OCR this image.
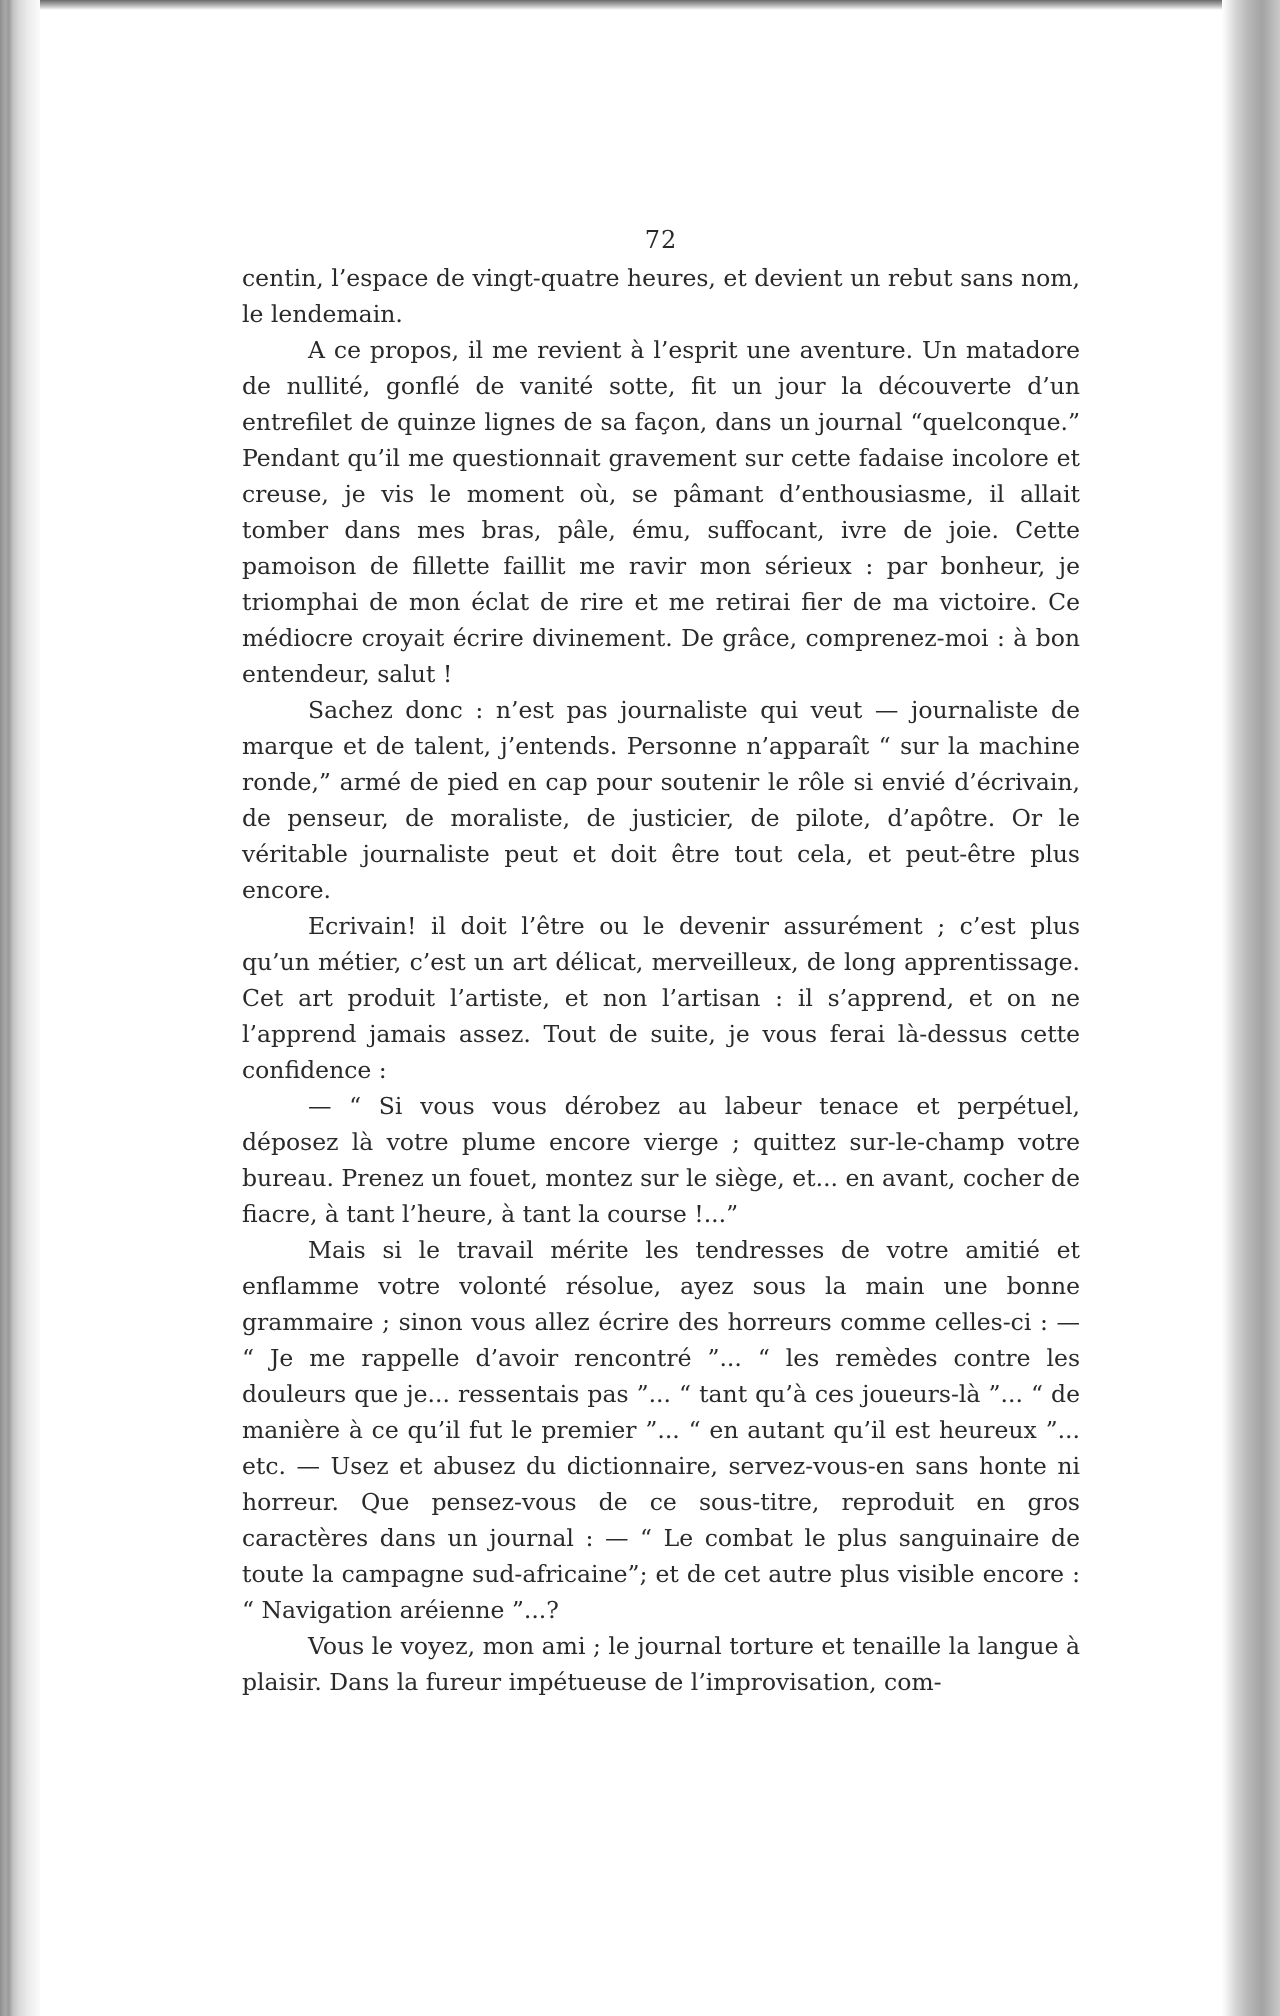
72

centin, l’espace de vingt-quatre heures, et devient un rebut sans nom, le lendemain.

A ce propos, il me revient à l’esprit une aventure. Un matadore de nullité, gonflé de vanité sotte, fit un jour la découverte d’un entrefilet de quinze lignes de sa façon, dans un journal “quelconque.” Pendant qu’il me questionnait gravement sur cette fadaise incolore et creuse, je vis le moment où, se pâmant d’enthousiasme, il allait tomber dans mes bras, pâle, ému, suffocant, ivre de joie. Cette pamoison de fillette faillit me ravir mon sérieux : par bonheur, je triomphai de mon éclat de rire et me retirai fier de ma victoire. Ce médiocre croyait écrire divinement. De grâce, comprenez-moi : à bon entendeur, salut !

Sachez donc : n’est pas journaliste qui veut — journaliste de marque et de talent, j’entends. Personne n’apparaît “ sur la machine ronde,” armé de pied en cap pour soutenir le rôle si envié d’écrivain, de penseur, de moraliste, de justicier, de pilote, d’apôtre. Or le véritable journaliste peut et doit être tout cela, et peut-être plus encore.

Ecrivain! il doit l’être ou le devenir assurément ; c’est plus qu’un métier, c’est un art délicat, merveilleux, de long apprentissage. Cet art produit l’artiste, et non l’artisan : il s’apprend, et on ne l’apprend jamais assez. Tout de suite, je vous ferai là-dessus cette confidence :

— “ Si vous vous dérobez au labeur tenace et perpétuel, déposez là votre plume encore vierge ; quittez sur-le-champ votre bureau. Prenez un fouet, montez sur le siège, et... en avant, cocher de fiacre, à tant l’heure, à tant la course !...”

Mais si le travail mérite les tendresses de votre amitié et enflamme votre volonté résolue, ayez sous la main une bonne grammaire ; sinon vous allez écrire des horreurs comme celles-ci : — “ Je me rappelle d’avoir rencontré ”... “ les remèdes contre les douleurs que je... ressentais pas ”... “ tant qu’à ces joueurs-là ”... “ de manière à ce qu’il fut le premier ”... “ en autant qu’il est heureux ”... etc. — Usez et abusez du dictionnaire, servez-vous-en sans honte ni horreur. Que pensez-vous de ce sous-titre, reproduit en gros caractères dans un journal : — “ Le combat le plus sanguinaire de toute la campagne sud-africaine”; et de cet autre plus visible encore : “ Navigation aréienne ”...?

Vous le voyez, mon ami ; le journal torture et tenaille la langue à plaisir. Dans la fureur impétueuse de l’improvisation, com-
